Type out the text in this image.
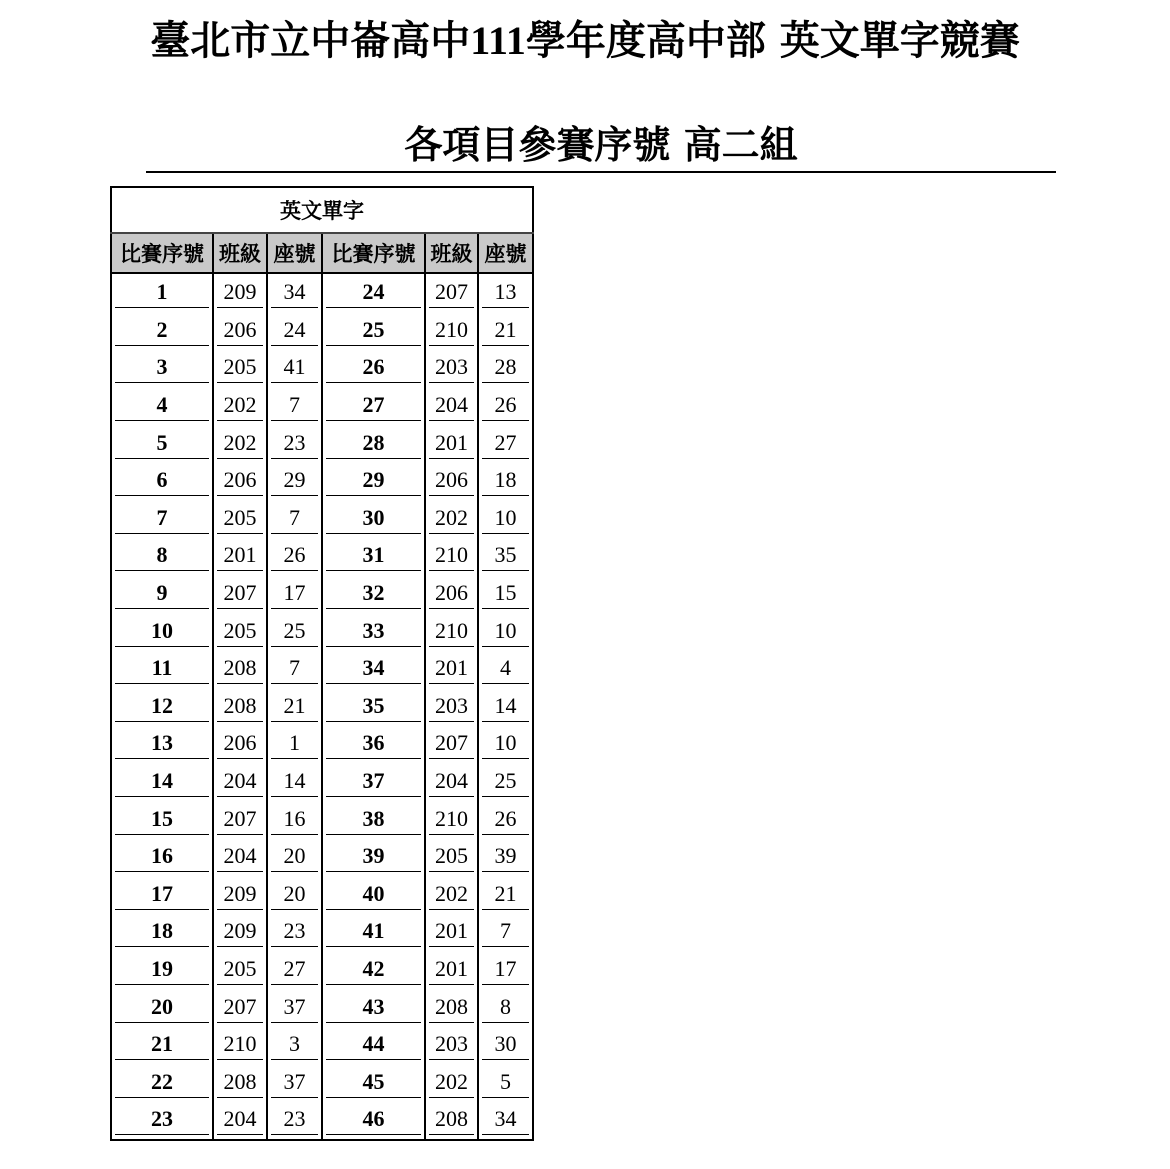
臺北市立中崙高中111學年度高中部 英文單字競賽
各項目參賽序號 高二組
英文單字					
比賽序號	班級	座號	比賽序號	班級	座號

1	209	34	24	207	13

2	206	24	25	210	21

3	205	41	26	203	28

4	202	7	27	204	26

5	202	23	28	201	27

6	206	29	29	206	18

7	205	7	30	202	10

8	201	26	31	210	35

9	207	17	32	206	15

10	205	25	33	210	10

11	208	7	34	201	4

12	208	21	35	203	14

13	206	1	36	207	10

14	204	14	37	204	25

15	207	16	38	210	26

16	204	20	39	205	39

17	209	20	40	202	21

18	209	23	41	201	7

19	205	27	42	201	17

20	207	37	43	208	8

21	210	3	44	203	30

22	208	37	45	202	5

23	204	23	46	208	34
